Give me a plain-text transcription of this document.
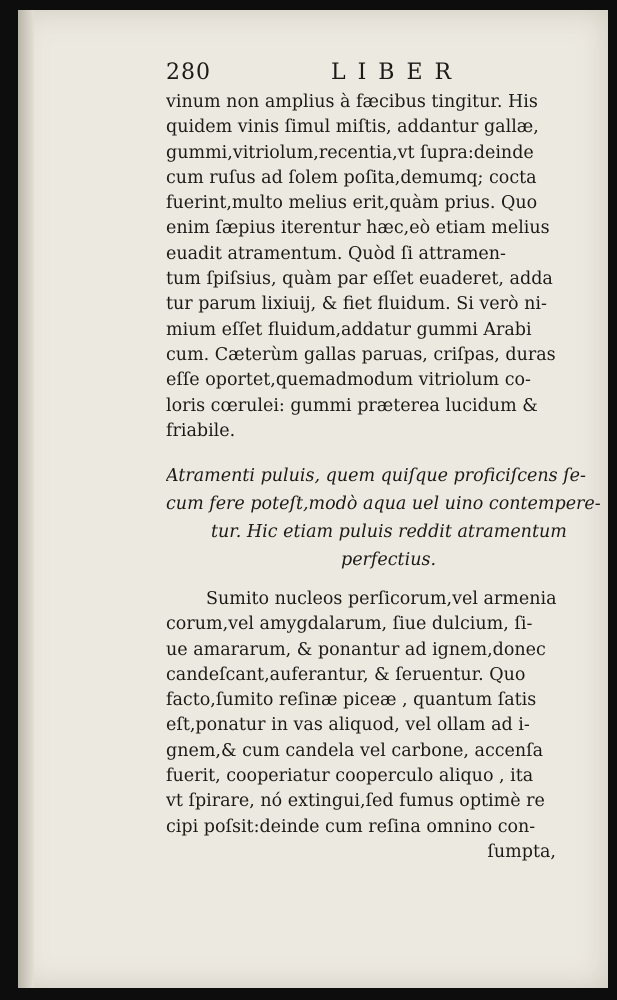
280	LIBER
vinum non amplius à fæcibus tingitur. His
quidem vinis ſimul miſtis, addantur gallæ,
gummi,vitriolum,recentia,vt ſupra:deinde
cum ruſus ad ſolem poſita,demumq; cocta
fuerint,multo melius erit,quàm prius. Quo
enim ſæpius iterentur hæc,eò etiam melius
euadit atramentum. Quòd ſi attramen-
tum ſpiſsius, quàm par eſſet euaderet, adda
tur parum lixiuij, & fiet fluidum. Si verò ni-
mium eſſet fluidum,addatur gummi Arabi
cum. Cæterùm gallas paruas, criſpas, duras
eſſe oportet,quemadmodum vitriolum co-
loris cœrulei: gummi præterea lucidum &
friabile.
Atramenti puluis, quem quiſque proficiſcens ſe-
cum fere poteſt,modò aqua uel uino contempere-
tur. Hic etiam puluis reddit atramentum
perfectius.
Sumito nucleos perſicorum,vel armenia
corum,vel amygdalarum, ſiue dulcium, ſi-
ue amararum, & ponantur ad ignem,donec
candeſcant,auferantur, & ſeruentur. Quo
facto,ſumito reſinæ piceæ , quantum ſatis
eſt,ponatur in vas aliquod, vel ollam ad i-
gnem,& cum candela vel carbone, accenſa
fuerit, cooperiatur cooperculo aliquo , ita
vt ſpirare, nó extingui,ſed fumus optimè re
cipi poſsit:deinde cum reſina omnino con-
ſumpta,
